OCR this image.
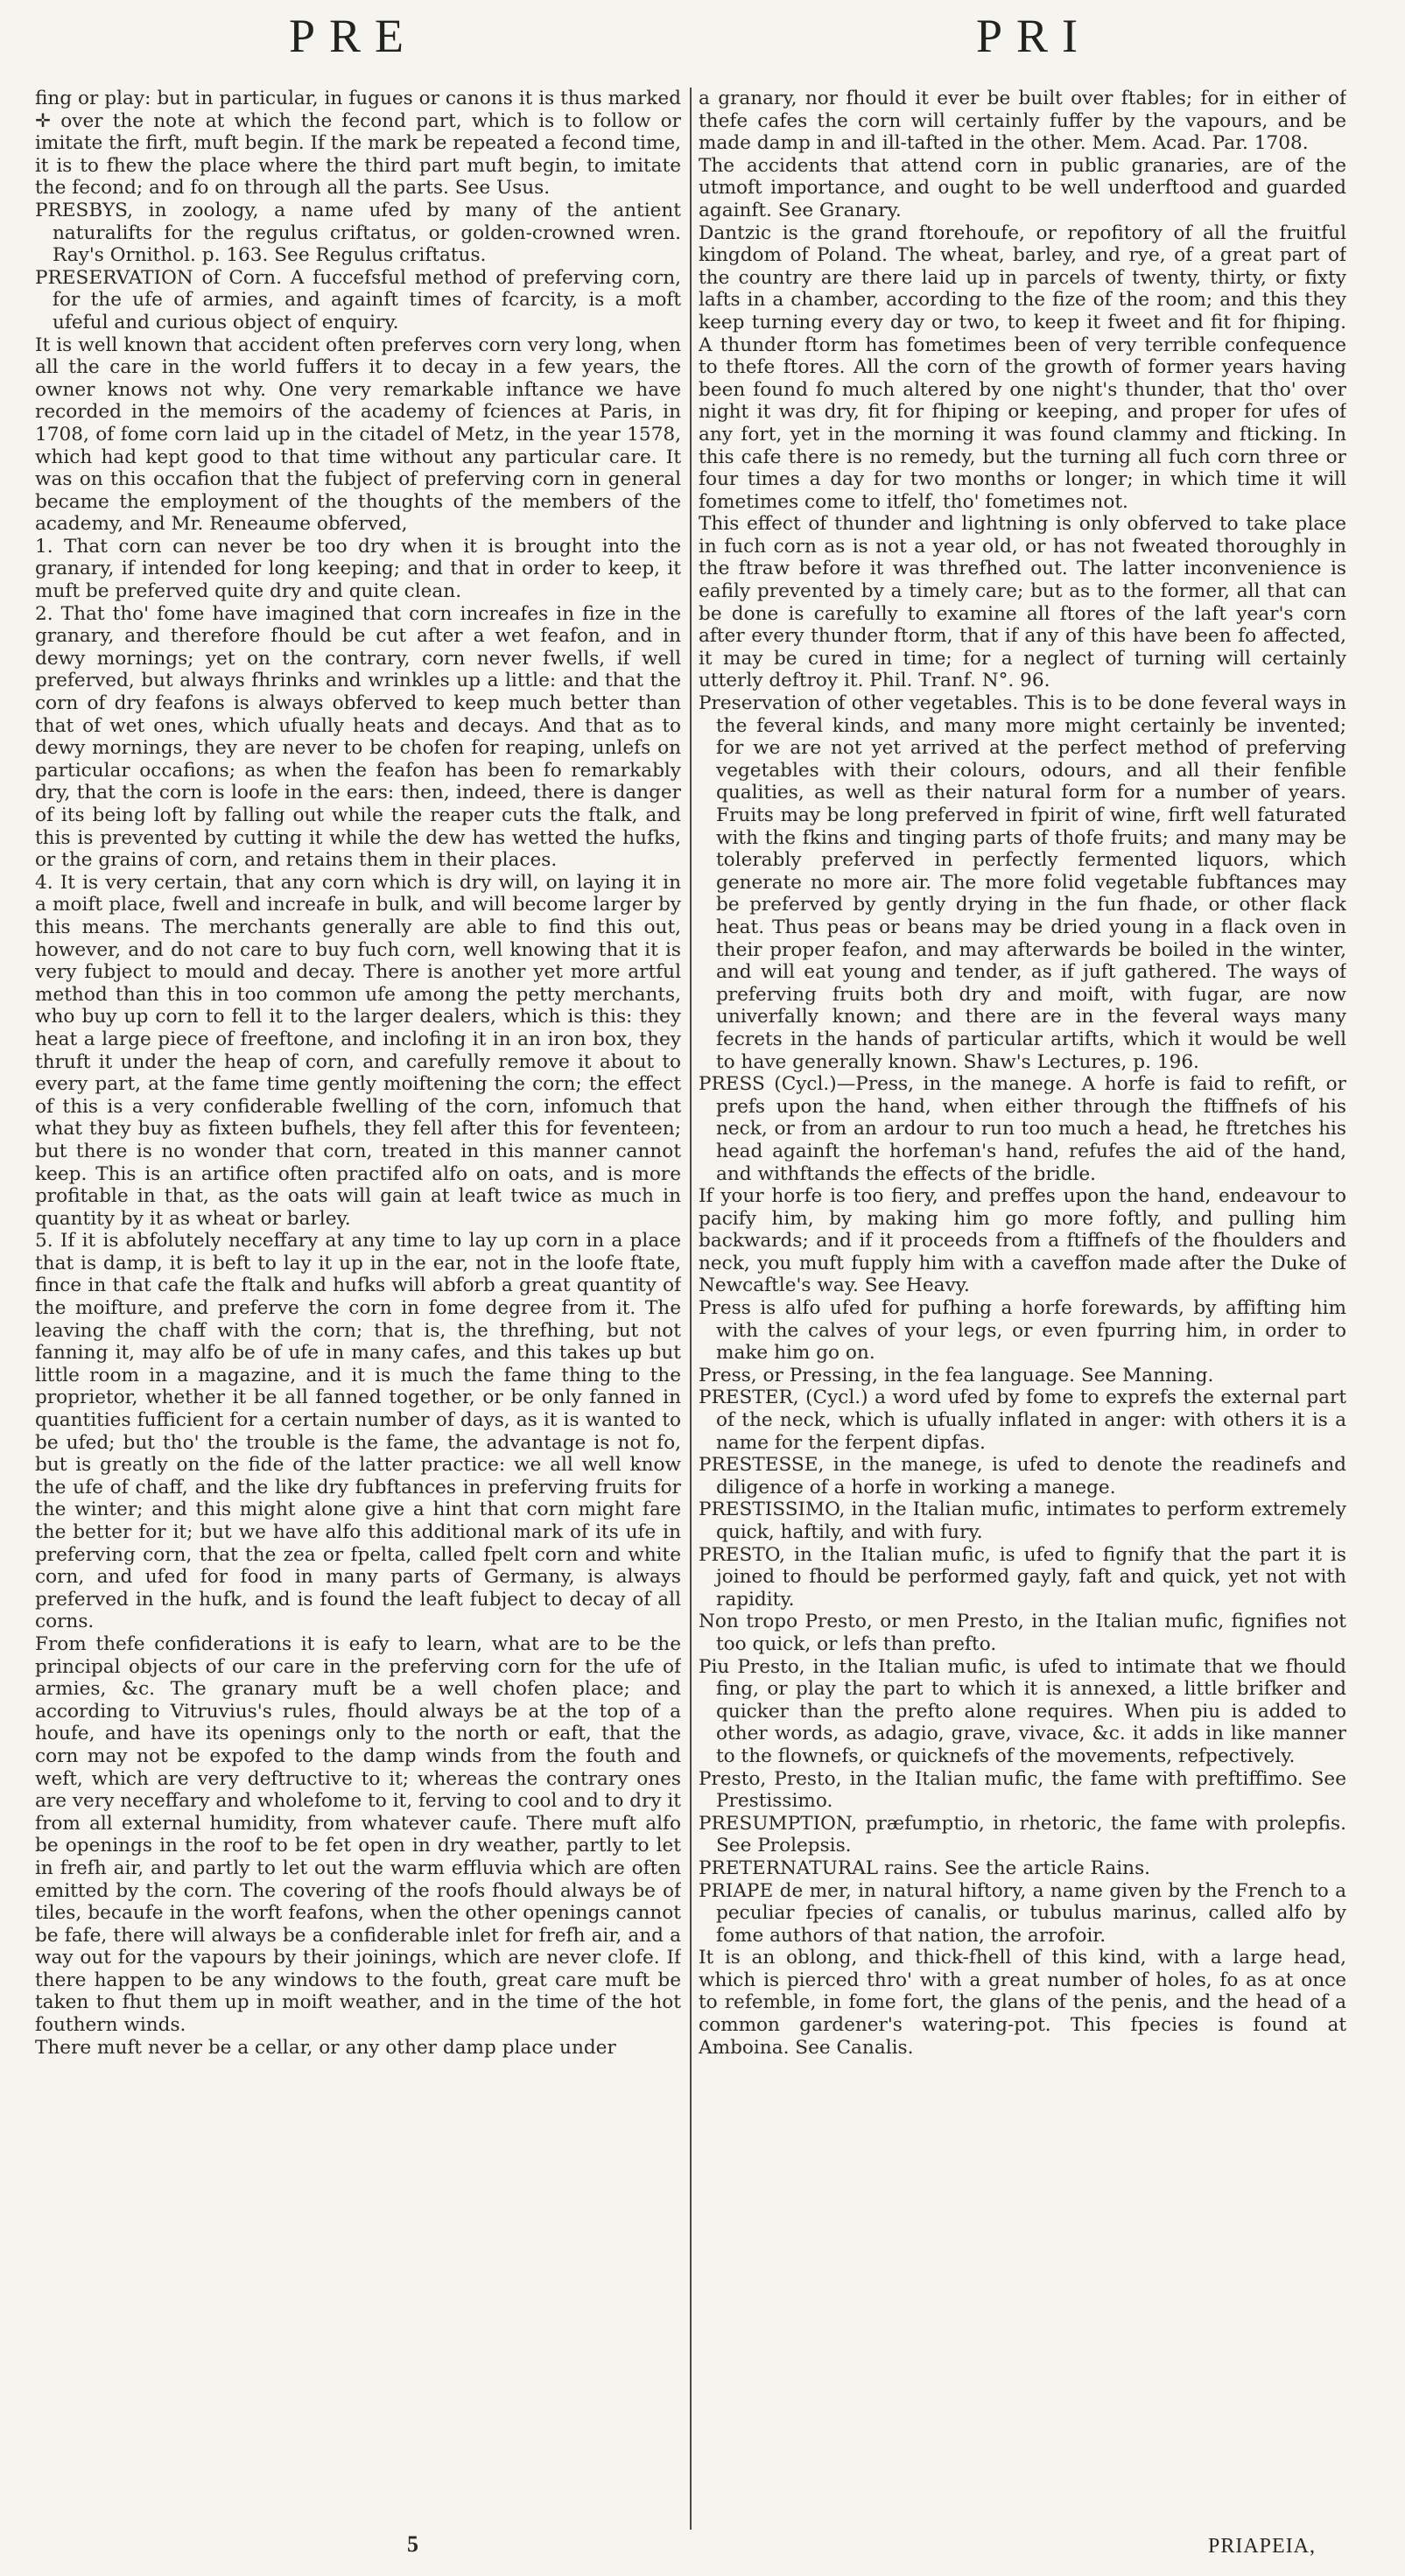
PRE	PRI

fing or play: but in particular, in fugues or canons it is thus marked ✛ over the note at which the fecond part, which is to follow or imitate the firft, muft begin. If the mark be repeated a fecond time, it is to fhew the place where the third part muft begin, to imitate the fecond; and fo on through all the parts. See Usus.

PRESBYS, in zoology, a name ufed by many of the antient naturalifts for the regulus criftatus, or golden-crowned wren. Ray's Ornithol. p. 163. See Regulus criftatus.

PRESERVATION of Corn. A fuccefsful method of preferving corn, for the ufe of armies, and againft times of fcarcity, is a moft ufeful and curious object of enquiry.

It is well known that accident often preferves corn very long, when all the care in the world fuffers it to decay in a few years, the owner knows not why. One very remarkable inftance we have recorded in the memoirs of the academy of fciences at Paris, in 1708, of fome corn laid up in the citadel of Metz, in the year 1578, which had kept good to that time without any particular care. It was on this occafion that the fubject of preferving corn in general became the employment of the thoughts of the members of the academy, and Mr. Reneaume obferved,

1. That corn can never be too dry when it is brought into the granary, if intended for long keeping; and that in order to keep, it muft be preferved quite dry and quite clean.

2. That tho' fome have imagined that corn increafes in fize in the granary, and therefore fhould be cut after a wet feafon, and in dewy mornings; yet on the contrary, corn never fwells, if well preferved, but always fhrinks and wrinkles up a little: and that the corn of dry feafons is always obferved to keep much better than that of wet ones, which ufually heats and decays. And that as to dewy mornings, they are never to be chofen for reaping, unlefs on particular occafions; as when the feafon has been fo remarkably dry, that the corn is loofe in the ears: then, indeed, there is danger of its being loft by falling out while the reaper cuts the ftalk, and this is prevented by cutting it while the dew has wetted the hufks, or the grains of corn, and retains them in their places.

4. It is very certain, that any corn which is dry will, on laying it in a moift place, fwell and increafe in bulk, and will become larger by this means. The merchants generally are able to find this out, however, and do not care to buy fuch corn, well knowing that it is very fubject to mould and decay. There is another yet more artful method than this in too common ufe among the petty merchants, who buy up corn to fell it to the larger dealers, which is this: they heat a large piece of freeftone, and inclofing it in an iron box, they thruft it under the heap of corn, and carefully remove it about to every part, at the fame time gently moiftening the corn; the effect of this is a very confiderable fwelling of the corn, infomuch that what they buy as fixteen bufhels, they fell after this for feventeen; but there is no wonder that corn, treated in this manner cannot keep. This is an artifice often practifed alfo on oats, and is more profitable in that, as the oats will gain at leaft twice as much in quantity by it as wheat or barley.

5. If it is abfolutely neceffary at any time to lay up corn in a place that is damp, it is beft to lay it up in the ear, not in the loofe ftate, fince in that cafe the ftalk and hufks will abforb a great quantity of the moifture, and preferve the corn in fome degree from it. The leaving the chaff with the corn; that is, the threfhing, but not fanning it, may alfo be of ufe in many cafes, and this takes up but little room in a magazine, and it is much the fame thing to the proprietor, whether it be all fanned together, or be only fanned in quantities fufficient for a certain number of days, as it is wanted to be ufed; but tho' the trouble is the fame, the advantage is not fo, but is greatly on the fide of the latter practice: we all well know the ufe of chaff, and the like dry fubftances in preferving fruits for the winter; and this might alone give a hint that corn might fare the better for it; but we have alfo this additional mark of its ufe in preferving corn, that the zea or fpelta, called fpelt corn and white corn, and ufed for food in many parts of Germany, is always preferved in the hufk, and is found the leaft fubject to decay of all corns.

From thefe confiderations it is eafy to learn, what are to be the principal objects of our care in the preferving corn for the ufe of armies, &c. The granary muft be a well chofen place; and according to Vitruvius's rules, fhould always be at the top of a houfe, and have its openings only to the north or eaft, that the corn may not be expofed to the damp winds from the fouth and weft, which are very deftructive to it; whereas the contrary ones are very neceffary and wholefome to it, ferving to cool and to dry it from all external humidity, from whatever caufe. There muft alfo be openings in the roof to be fet open in dry weather, partly to let in frefh air, and partly to let out the warm effluvia which are often emitted by the corn. The covering of the roofs fhould always be of tiles, becaufe in the worft feafons, when the other openings cannot be fafe, there will always be a confiderable inlet for frefh air, and a way out for the vapours by their joinings, which are never clofe. If there happen to be any windows to the fouth, great care muft be taken to fhut them up in moift weather, and in the time of the hot fouthern winds.

There muft never be a cellar, or any other damp place under

a granary, nor fhould it ever be built over ftables; for in either of thefe cafes the corn will certainly fuffer by the vapours, and be made damp in and ill-tafted in the other. Mem. Acad. Par. 1708.

The accidents that attend corn in public granaries, are of the utmoft importance, and ought to be well underftood and guarded againft. See Granary.

Dantzic is the grand ftorehoufe, or repofitory of all the fruitful kingdom of Poland. The wheat, barley, and rye, of a great part of the country are there laid up in parcels of twenty, thirty, or fixty lafts in a chamber, according to the fize of the room; and this they keep turning every day or two, to keep it fweet and fit for fhiping. A thunder ftorm has fometimes been of very terrible confequence to thefe ftores. All the corn of the growth of former years having been found fo much altered by one night's thunder, that tho' over night it was dry, fit for fhiping or keeping, and proper for ufes of any fort, yet in the morning it was found clammy and fticking. In this cafe there is no remedy, but the turning all fuch corn three or four times a day for two months or longer; in which time it will fometimes come to itfelf, tho' fometimes not.

This effect of thunder and lightning is only obferved to take place in fuch corn as is not a year old, or has not fweated thoroughly in the ftraw before it was threfhed out. The latter inconvenience is eafily prevented by a timely care; but as to the former, all that can be done is carefully to examine all ftores of the laft year's corn after every thunder ftorm, that if any of this have been fo affected, it may be cured in time; for a neglect of turning will certainly utterly deftroy it. Phil. Tranf. N°. 96.

Preservation of other vegetables. This is to be done feveral ways in the feveral kinds, and many more might certainly be invented; for we are not yet arrived at the perfect method of preferving vegetables with their colours, odours, and all their fenfible qualities, as well as their natural form for a number of years. Fruits may be long preferved in fpirit of wine, firft well faturated with the fkins and tinging parts of thofe fruits; and many may be tolerably preferved in perfectly fermented liquors, which generate no more air. The more folid vegetable fubftances may be preferved by gently drying in the fun fhade, or other flack heat. Thus peas or beans may be dried young in a flack oven in their proper feafon, and may afterwards be boiled in the winter, and will eat young and tender, as if juft gathered. The ways of preferving fruits both dry and moift, with fugar, are now univerfally known; and there are in the feveral ways many fecrets in the hands of particular artifts, which it would be well to have generally known. Shaw's Lectures, p. 196.

PRESS (Cycl.)—Press, in the manege. A horfe is faid to refift, or prefs upon the hand, when either through the ftiffnefs of his neck, or from an ardour to run too much a head, he ftretches his head againft the horfeman's hand, refufes the aid of the hand, and withftands the effects of the bridle.

If your horfe is too fiery, and preffes upon the hand, endeavour to pacify him, by making him go more foftly, and pulling him backwards; and if it proceeds from a ftiffnefs of the fhoulders and neck, you muft fupply him with a caveffon made after the Duke of Newcaftle's way. See Heavy.

Press is alfo ufed for pufhing a horfe forewards, by affifting him with the calves of your legs, or even fpurring him, in order to make him go on.

Press, or Pressing, in the fea language. See Manning.

PRESTER, (Cycl.) a word ufed by fome to exprefs the external part of the neck, which is ufually inflated in anger: with others it is a name for the ferpent dipfas.

PRESTESSE, in the manege, is ufed to denote the readinefs and diligence of a horfe in working a manege.

PRESTISSIMO, in the Italian mufic, intimates to perform extremely quick, haftily, and with fury.

PRESTO, in the Italian mufic, is ufed to fignify that the part it is joined to fhould be performed gayly, faft and quick, yet not with rapidity.

Non tropo Presto, or men Presto, in the Italian mufic, fignifies not too quick, or lefs than prefto.

Piu Presto, in the Italian mufic, is ufed to intimate that we fhould fing, or play the part to which it is annexed, a little brifker and quicker than the prefto alone requires. When piu is added to other words, as adagio, grave, vivace, &c. it adds in like manner to the flownefs, or quicknefs of the movements, refpectively.

Presto, Presto, in the Italian mufic, the fame with preftiffimo. See Prestissimo.

PRESUMPTION, præfumptio, in rhetoric, the fame with prolepfis. See Prolepsis.

PRETERNATURAL rains. See the article Rains.

PRIAPE de mer, in natural hiftory, a name given by the French to a peculiar fpecies of canalis, or tubulus marinus, called alfo by fome authors of that nation, the arrofoir.

It is an oblong, and thick-fhell of this kind, with a large head, which is pierced thro' with a great number of holes, fo as at once to refemble, in fome fort, the glans of the penis, and the head of a common gardener's watering-pot. This fpecies is found at Amboina. See Canalis.

5	PRIAPEIA,
